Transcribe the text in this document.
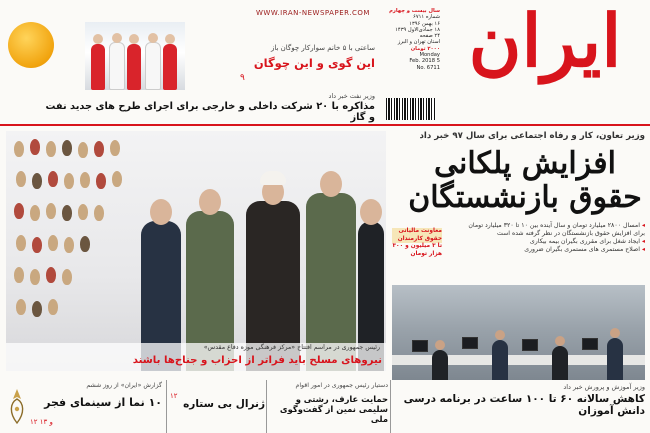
ایران
WWW.IRAN-NEWSPAPER.COM	سال بیست و چهارم
شماره ۶۷۱۱
۱۶ بهمن ۱۳۹۶
۱۸ جمادی‌الاول ۱۴۳۹
۲۴ صفحه
استان تهران و البرز
۲۰۰۰ تومان
Monday
5 Feb. 2018
No. 6711
ساعتی با ۵ خانم سوارکار چوگان باز
این گوی و این چوگان
۹
وزیر نفت خبر داد
مذاکره با ۲۰ شرکت داخلی و خارجی برای اجرای طرح های جدید نفت و گاز
وزیر تعاون، کار و رفاه اجتماعی برای سال ۹۷ خبر داد
افزایش پلکانی
حقوق بازنشستگان
◂ امسال ۲۸۰۰ میلیارد تومان و سال آینده بین ۱۰ تا ۳۲۰ میلیارد تومان
برای افزایش حقوق بازنشستگان در نظر گرفته شده است
◂ ایجاد شغل برای مقرری بگیران بیمه بیکاری
◂ اصلاح مستمری های مستمری بگیران ضروری
معاونت مالیاتی حقوق کارمندان
تا ۳ میلیون و ۳۰۰ هزار تومان
رئیس جمهوری در مراسم افتتاح «مرکز فرهنگی موزه دفاع مقدس»
نیروهای مسلح باید فراتر از احزاب و جناح‌ها باشند
وزیر آموزش و پرورش خبر داد
کاهش سالانه ۶۰ تا ۱۰۰ ساعت در برنامه درسی دانش آموزان
دستیار رئیس جمهوری در امور اقوام
حمایت عارف، رشتی و سلیمی نمین از گفت‌وگوی ملی
۱۲
ژنرال بی ستاره
گزارش «ایران» از روز ششم
۱۰ نما از سینمای فجر
۱۲ و ۱۳
